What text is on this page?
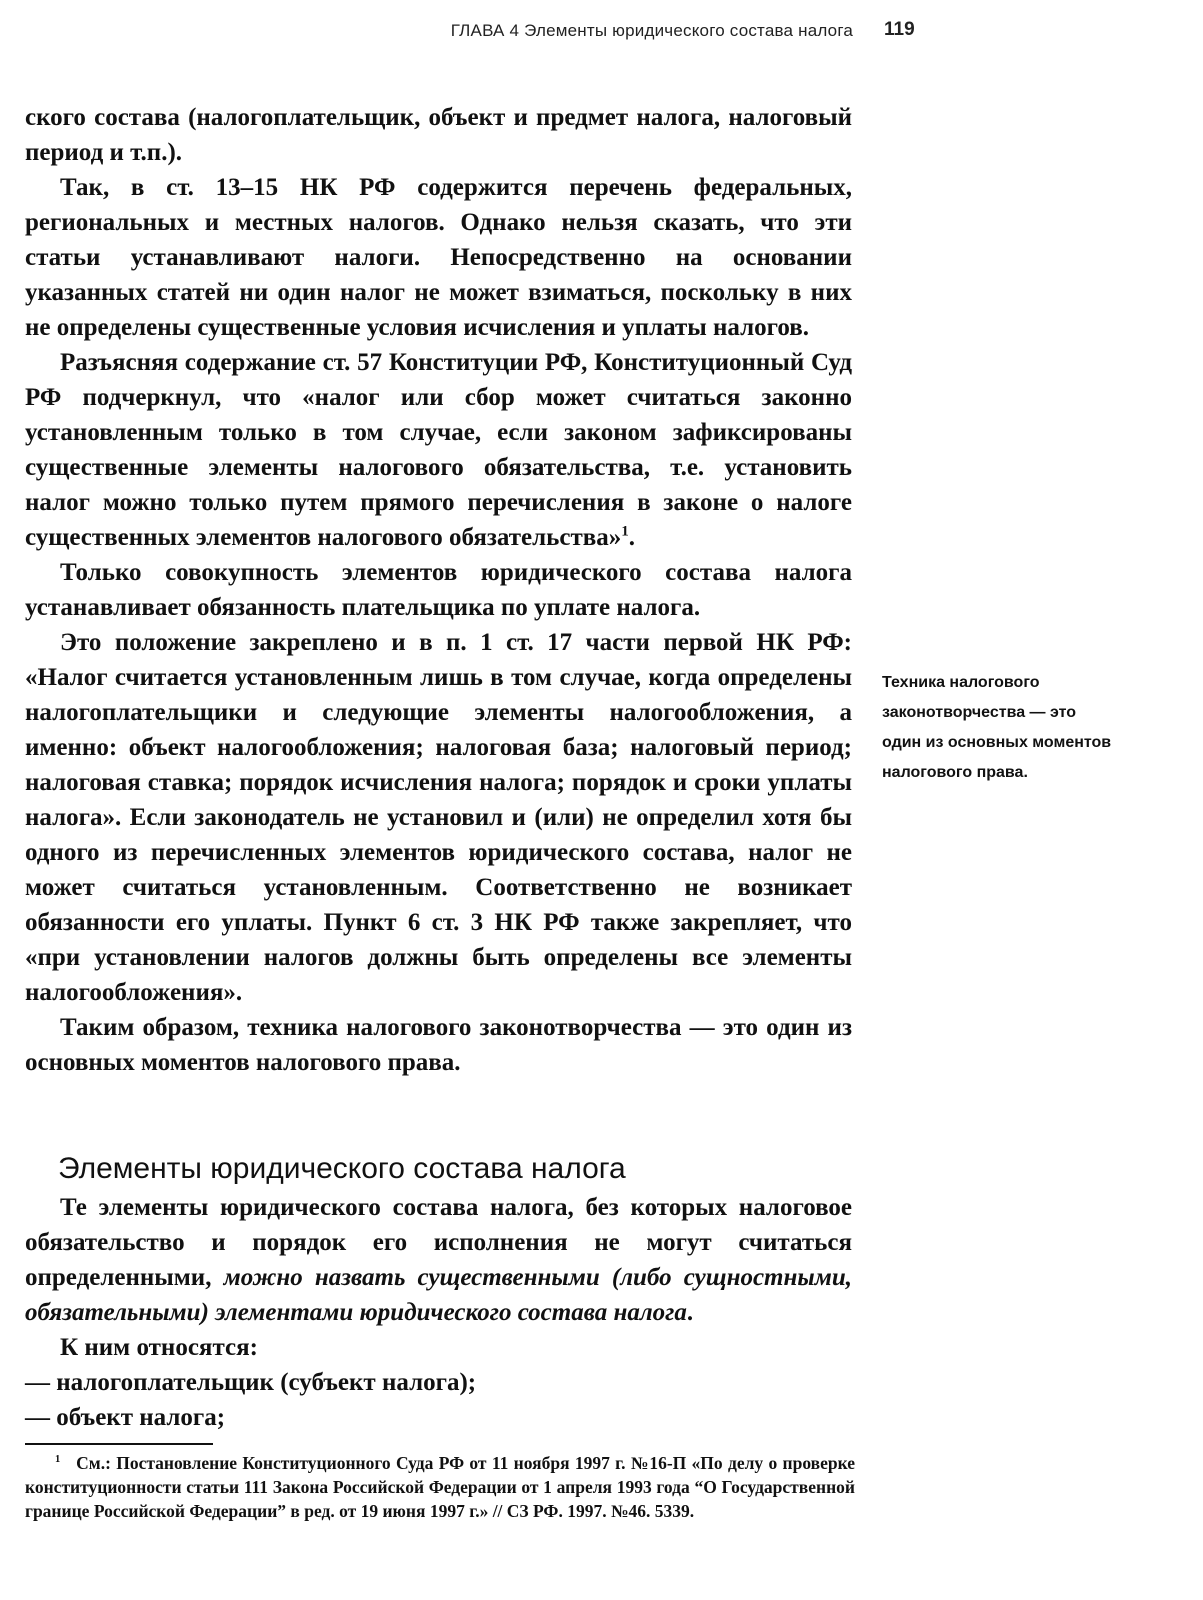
ГЛАВА 4 Элементы юридического состава налога 119

ского состава (налогоплательщик, объект и предмет налога, налоговый период и т.п.).

Так, в ст. 13–15 НК РФ содержится перечень федеральных, региональных и местных налогов. Однако нельзя сказать, что эти статьи устанавливают налоги. Непосредственно на основании указанных статей ни один налог не может взиматься, поскольку в них не определены существенные условия исчисления и уплаты налогов.

Разъясняя содержание ст. 57 Конституции РФ, Конституционный Суд РФ подчеркнул, что «налог или сбор может считаться законно установленным только в том случае, если законом зафиксированы существенные элементы налогового обязательства, т.е. установить налог можно только путем прямого перечисления в законе о налоге существенных элементов налогового обязательства»$^1$.

Только совокупность элементов юридического состава налога устанавливает обязанность плательщика по уплате налога.

Это положение закреплено и в п. 1 ст. 17 части первой НК РФ: «Налог считается установленным лишь в том случае, когда определены налогоплательщики и следующие элементы налогообложения, а именно: объект налогообложения; налоговая база; налоговый период; налоговая ставка; порядок исчисления налога; порядок и сроки уплаты налога». Если законодатель не установил и (или) не определил хотя бы одного из перечисленных элементов юридического состава, налог не может считаться установленным. Соответственно не возникает обязанности его уплаты. Пункт 6 ст. 3 НК РФ также закрепляет, что «при установлении налогов должны быть определены все элементы налогообложения».

Таким образом, техника налогового законотворчества — это один из основных моментов налогового права.

Техника налогового законотворчества — это один из основных моментов налогового права.
Элементы юридического состава налога

Те элементы юридического состава налога, без которых налоговое обязательство и порядок его исполнения не могут считаться определенными, можно назвать существенными (либо сущностными, обязательными) элементами юридического состава налога.

К ним относятся:

— налогоплательщик (субъект налога);

— объект налога;

$^1$ См.: Постановление Конституционного Суда РФ от 11 ноября 1997 г. №16-П «По делу о проверке конституционности статьи 111 Закона Российской Федерации от 1 апреля 1993 года “О Государственной границе Российской Федерации” в ред. от 19 июня 1997 г.» // СЗ РФ. 1997. №46. 5339.
